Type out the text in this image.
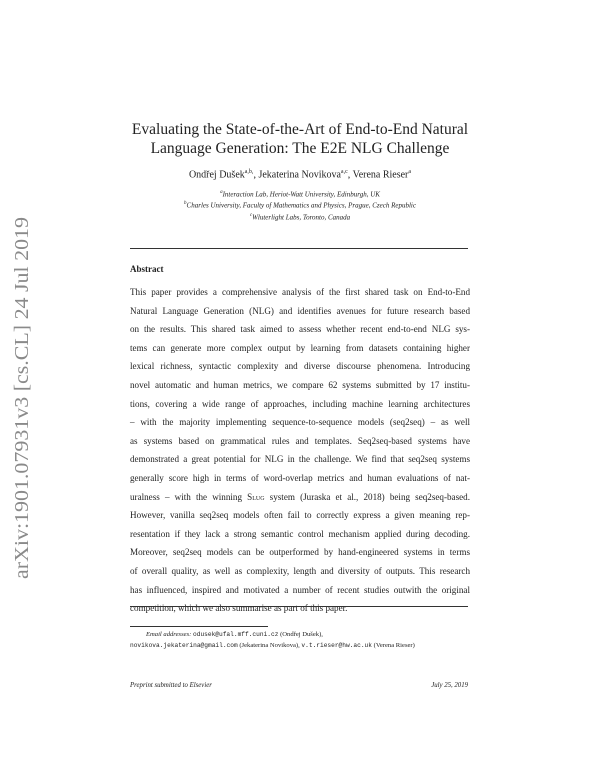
arXiv:1901.07931v3 [cs.CL] 24 Jul 2019
Evaluating the State-of-the-Art of End-to-End Natural
Language Generation: The E2E NLG Challenge
Ondřej Dušek$^{a,b,}$, Jekaterina Novikova$^{a,c}$, Verena Rieser$^a$
$^a$Interaction Lab, Heriot-Watt University, Edinburgh, UK
$^b$Charles University, Faculty of Mathematics and Physics, Prague, Czech Republic
$^c$Wluterlight Labs, Toronto, Canada
Abstract
This paper provides a comprehensive analysis of the first shared task on End-to-End
Natural Language Generation (NLG) and identifies avenues for future research based
on the results. This shared task aimed to assess whether recent end-to-end NLG sys-
tems can generate more complex output by learning from datasets containing higher
lexical richness, syntactic complexity and diverse discourse phenomena. Introducing
novel automatic and human metrics, we compare 62 systems submitted by 17 institu-
tions, covering a wide range of approaches, including machine learning architectures
– with the majority implementing sequence-to-sequence models (seq2seq) – as well
as systems based on grammatical rules and templates. Seq2seq-based systems have
demonstrated a great potential for NLG in the challenge. We find that seq2seq systems
generally score high in terms of word-overlap metrics and human evaluations of nat-
uralness – with the winning Slug system (Juraska et al., 2018) being seq2seq-based.
However, vanilla seq2seq models often fail to correctly express a given meaning rep-
resentation if they lack a strong semantic control mechanism applied during decoding.
Moreover, seq2seq models can be outperformed by hand-engineered systems in terms
of overall quality, as well as complexity, length and diversity of outputs. This research
has influenced, inspired and motivated a number of recent studies outwith the original
competition, which we also summarise as part of this paper.
Email addresses: odusek@ufal.mff.cuni.cz (Ondřej Dušek),
novikova.jekaterina@gmail.com (Jekaterina Novikova), v.t.rieser@hw.ac.uk (Verena Rieser)
Preprint submitted to Elsevier	July 25, 2019
